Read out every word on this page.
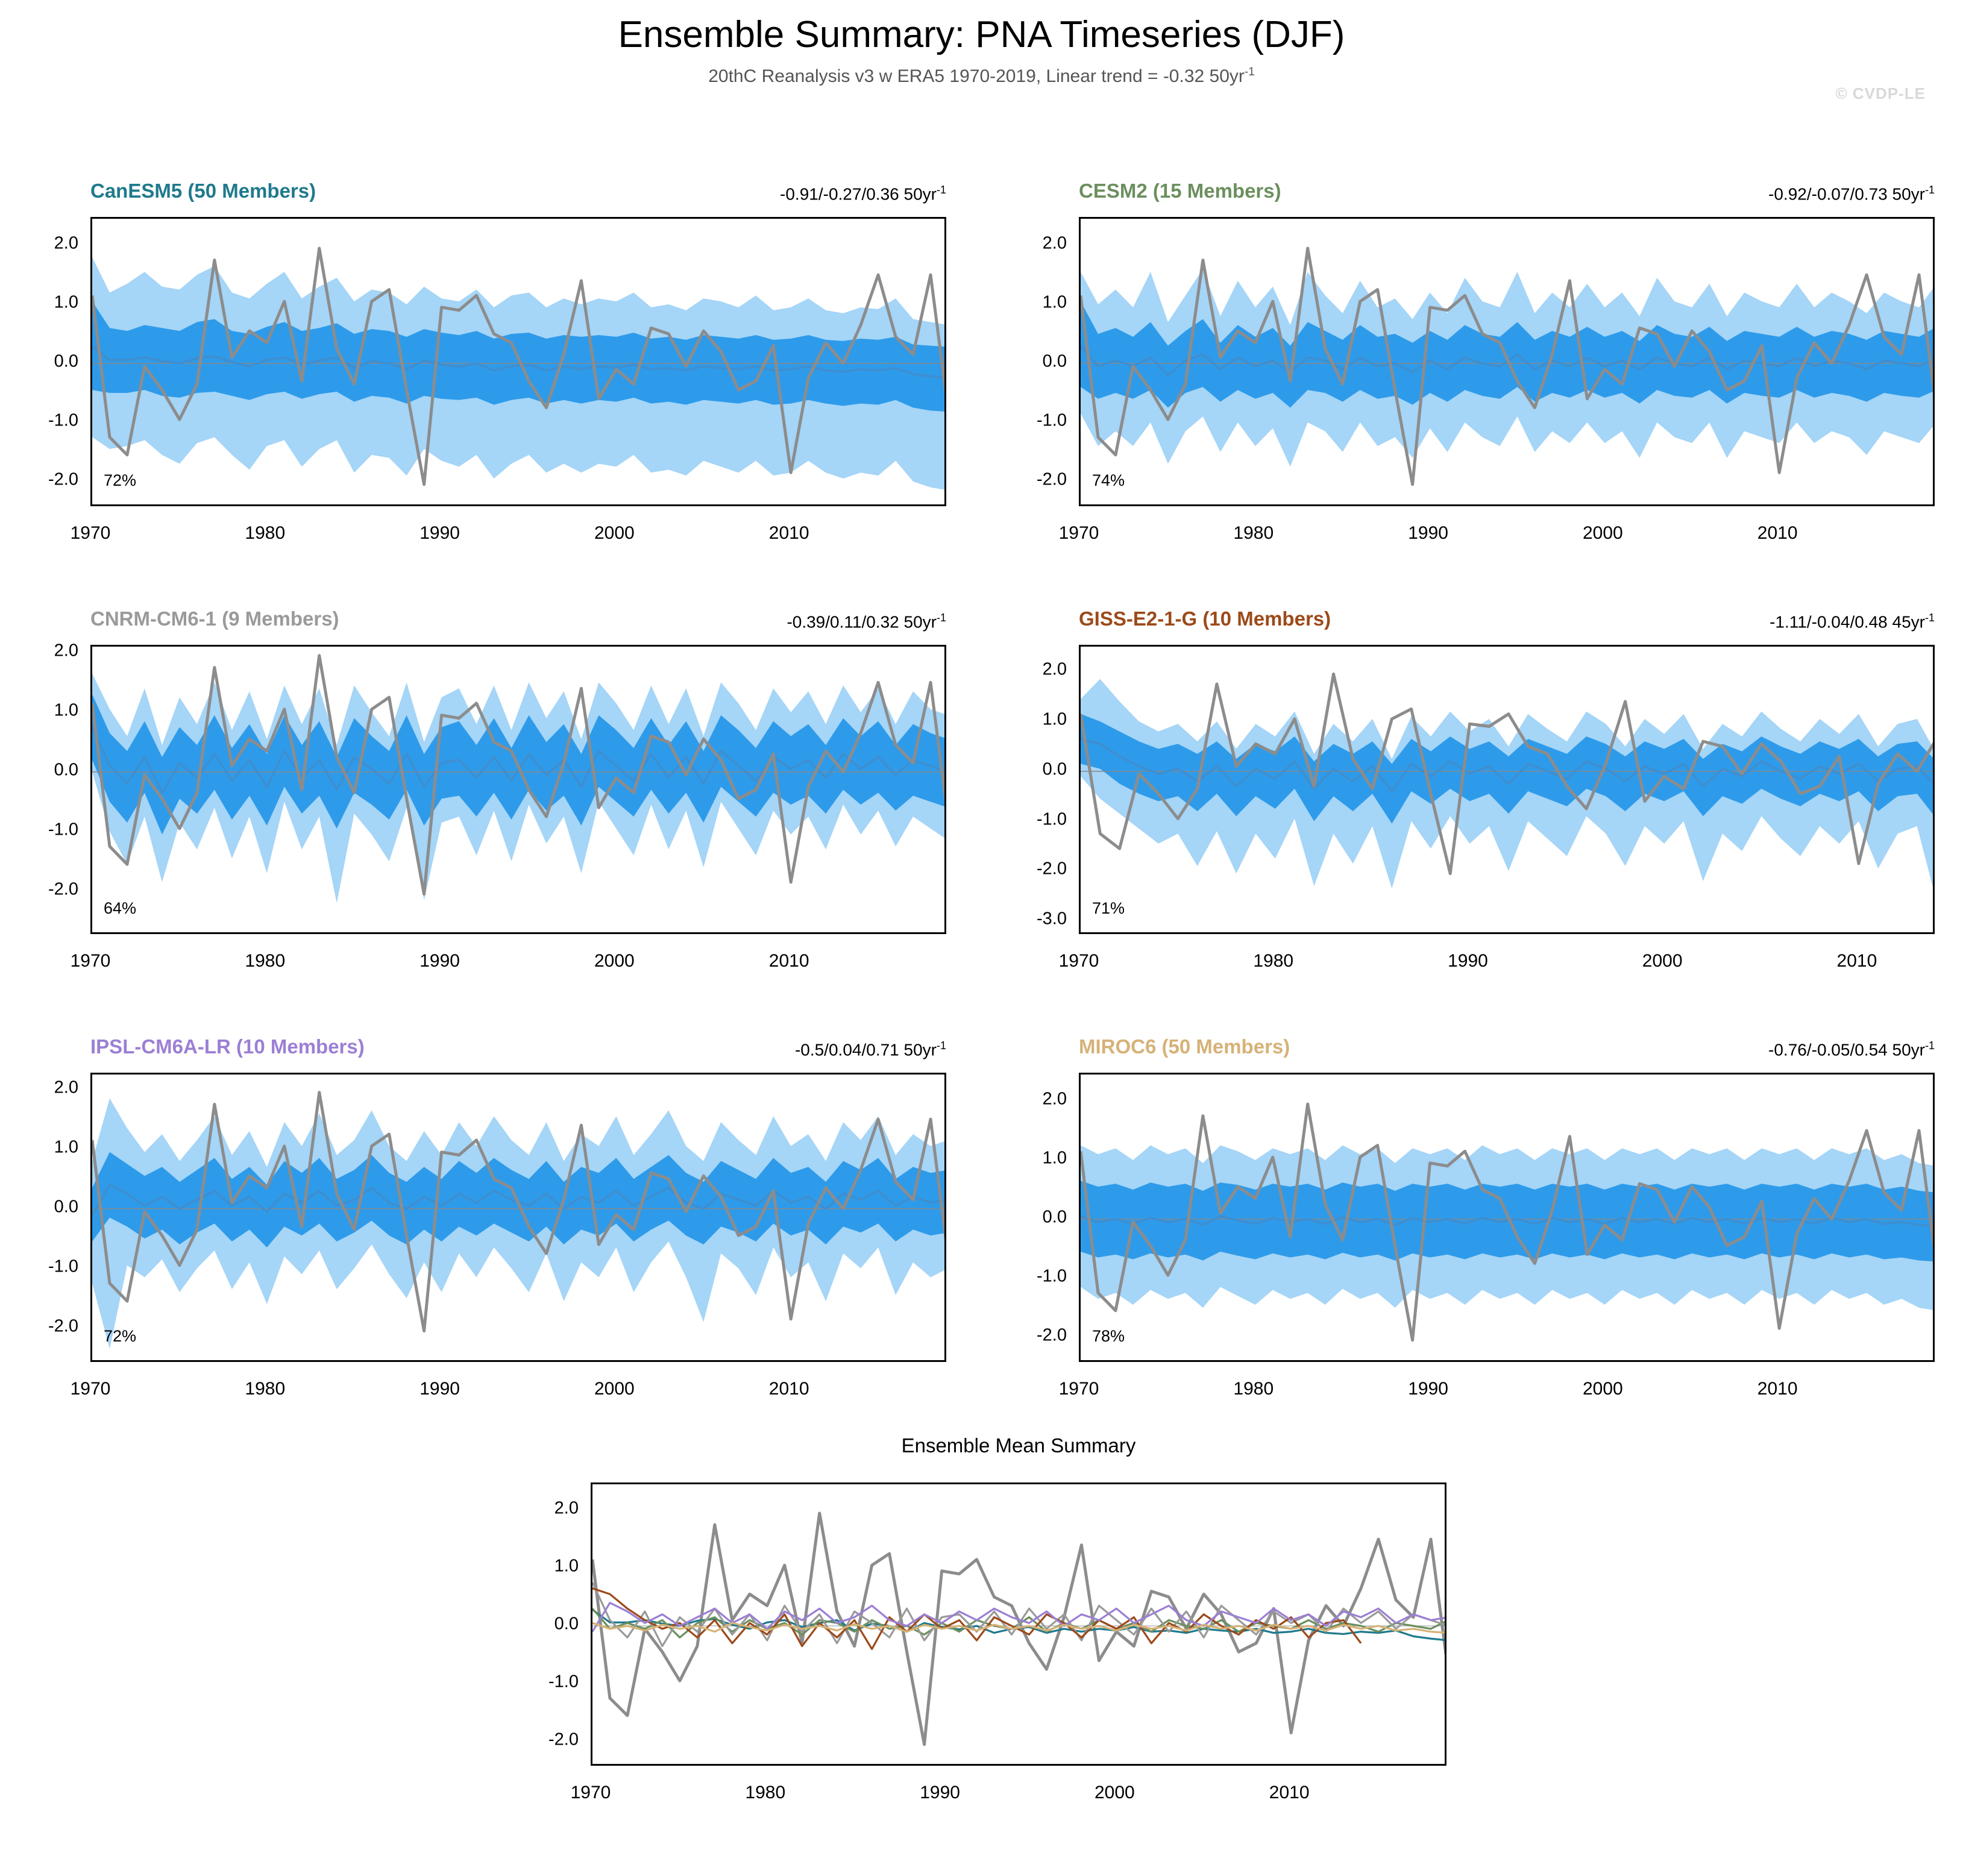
Ensemble Summary: PNA Timeseries (DJF)
20thC Reanalysis v3 w ERA5 1970-2019, Linear trend = -0.32 $50yr^{-1}$
© CVDP-LE
CanESM5 (50 Members)	-0.91/-0.27/0.36 $50yr^{-1}$
2.0
1.0
0.0
-1.0
-2.0
1970	1980	1990	2000	2010
72%
CESM2 (15 Members)	-0.92/-0.07/0.73 $50yr^{-1}$
2.0
1.0
0.0
-1.0
-2.0
1970	1980	1990	2000	2010
74%
CNRM-CM6-1 (9 Members)	-0.39/0.11/0.32 $50yr^{-1}$
2.0
1.0
0.0
-1.0
-2.0
1970	1980	1990	2000	2010
64%
GISS-E2-1-G (10 Members)	-1.11/-0.04/0.48 $45yr^{-1}$
2.0
1.0
0.0
-1.0
-2.0
-3.0
1970	1980	1990	2000	2010
71%
IPSL-CM6A-LR (10 Members)	-0.5/0.04/0.71 $50yr^{-1}$
2.0
1.0
0.0
-1.0
-2.0
1970	1980	1990	2000	2010
72%
MIROC6 (50 Members)	-0.76/-0.05/0.54 $50yr^{-1}$
2.0
1.0
0.0
-1.0
-2.0
1970	1980	1990	2000	2010
78%
Ensemble Mean Summary
2.0
1.0
0.0
-1.0
-2.0
1970	1980	1990	2000	2010
